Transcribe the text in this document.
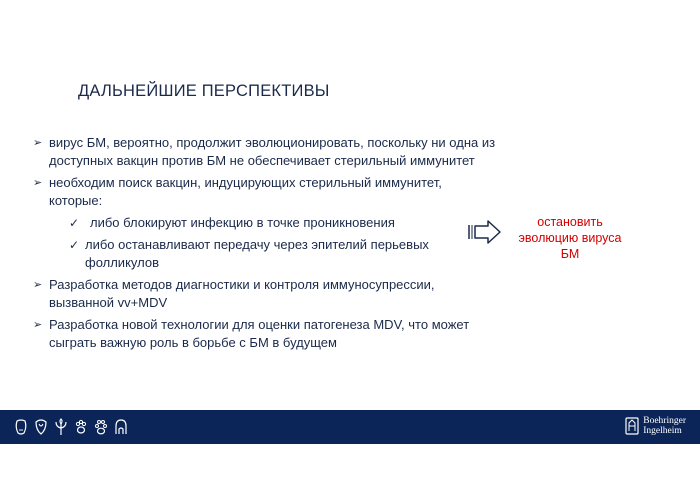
ДАЛЬНЕЙШИЕ ПЕРСПЕКТИВЫ
➢ вирус БМ, вероятно, продолжит эволюционировать, поскольку ни одна из
доступных вакцин против БМ не обеспечивает стерильный иммунитет
➢ необходим поиск вакцин, индуцирующих стерильный иммунитет,
которые:
✓ либо блокируют инфекцию в точке проникновения
✓ либо останавливают передачу через эпителий перьевых
фолликулов
➢ Разработка методов диагностики и контроля иммуносупрессии,
вызванной vv+MDV
➢ Разработка новой технологии для оценки патогенеза MDV, что может
сыграть важную роль в борьбе с БМ в будущем
остановить
эволюцию вируса
БМ
Boehringer
Ingelheim
